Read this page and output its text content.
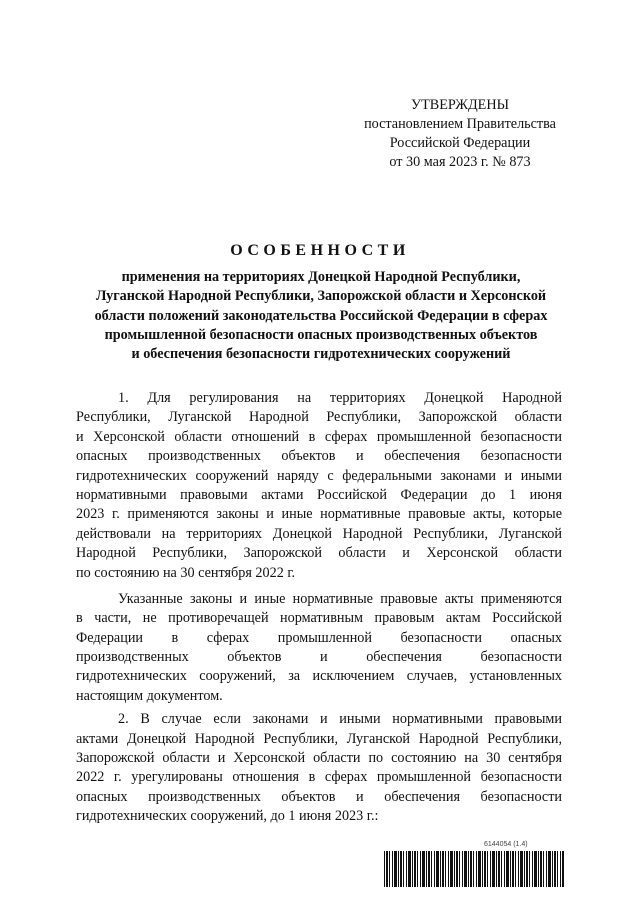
УТВЕРЖДЕНЫ
постановлением Правительства
Российской Федерации
от 30 мая 2023 г. № 873
ОСОБЕННОСТИ
применения на территориях Донецкой Народной Республики,
Луганской Народной Республики, Запорожской области и Херсонской
области положений законодательства Российской Федерации в сферах
промышленной безопасности опасных производственных объектов
и обеспечения безопасности гидротехнических сооружений
1. Для регулирования на территориях Донецкой Народной
Республики, Луганской Народной Республики, Запорожской области
и Херсонской области отношений в сферах промышленной безопасности
опасных производственных объектов и обеспечения безопасности
гидротехнических сооружений наряду с федеральными законами и иными
нормативными правовыми актами Российской Федерации до 1 июня
2023 г. применяются законы и иные нормативные правовые акты, которые
действовали на территориях Донецкой Народной Республики, Луганской
Народной Республики, Запорожской области и Херсонской области
по состоянию на 30 сентября 2022 г.
Указанные законы и иные нормативные правовые акты применяются
в части, не противоречащей нормативным правовым актам Российской
Федерации в сферах промышленной безопасности опасных
производственных объектов и обеспечения безопасности
гидротехнических сооружений, за исключением случаев, установленных
настоящим документом.
2. В случае если законами и иными нормативными правовыми
актами Донецкой Народной Республики, Луганской Народной Республики,
Запорожской области и Херсонской области по состоянию на 30 сентября
2022 г. урегулированы отношения в сферах промышленной безопасности
опасных производственных объектов и обеспечения безопасности
гидротехнических сооружений, до 1 июня 2023 г.:
6144054 (1.4)
